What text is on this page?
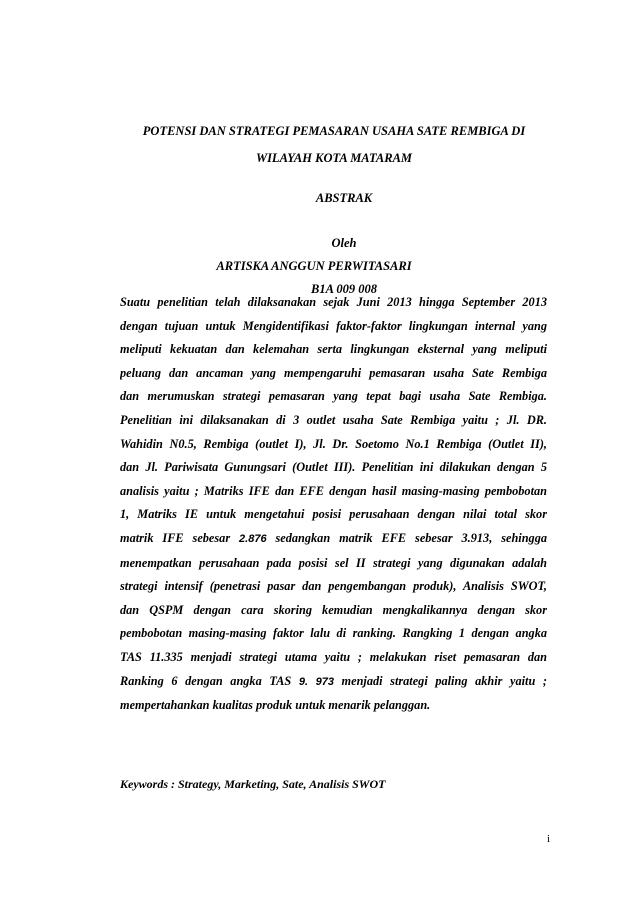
POTENSI DAN STRATEGI PEMASARAN USAHA SATE REMBIGA DI

WILAYAH KOTA MATARAM

ABSTRAK

Oleh

ARTISKA ANGGUN PERWITASARI

B1A 009 008

Suatu penelitian telah dilaksanakan sejak Juni 2013 hingga September 2013
dengan tujuan untuk Mengidentifikasi faktor-faktor lingkungan internal yang
meliputi kekuatan dan kelemahan serta lingkungan eksternal yang meliputi
peluang dan ancaman yang mempengaruhi pemasaran usaha Sate Rembiga
dan merumuskan strategi pemasaran yang tepat bagi usaha Sate Rembiga.
Penelitian ini dilaksanakan di 3 outlet usaha Sate Rembiga yaitu ; Jl. DR.
Wahidin N0.5, Rembiga (outlet I), Jl. Dr. Soetomo No.1 Rembiga (Outlet II),
dan Jl. Pariwisata Gunungsari (Outlet III). Penelitian ini dilakukan dengan 5
analisis yaitu ; Matriks IFE dan EFE dengan hasil masing-masing pembobotan
1, Matriks IE untuk mengetahui posisi perusahaan dengan nilai total skor
matrik IFE sebesar 2.876 sedangkan matrik EFE sebesar 3.913, sehingga
menempatkan perusahaan pada posisi sel II strategi yang digunakan adalah
strategi intensif (penetrasi pasar dan pengembangan produk), Analisis SWOT,
dan QSPM dengan cara skoring kemudian mengkalikannya dengan skor
pembobotan masing-masing faktor lalu di ranking. Rangking 1 dengan angka
TAS 11.335 menjadi strategi utama yaitu ; melakukan riset pemasaran dan
Ranking 6 dengan angka TAS 9. 973 menjadi strategi paling akhir yaitu ;
mempertahankan kualitas produk untuk menarik pelanggan.

Keywords : Strategy, Marketing, Sate, Analisis SWOT

i
